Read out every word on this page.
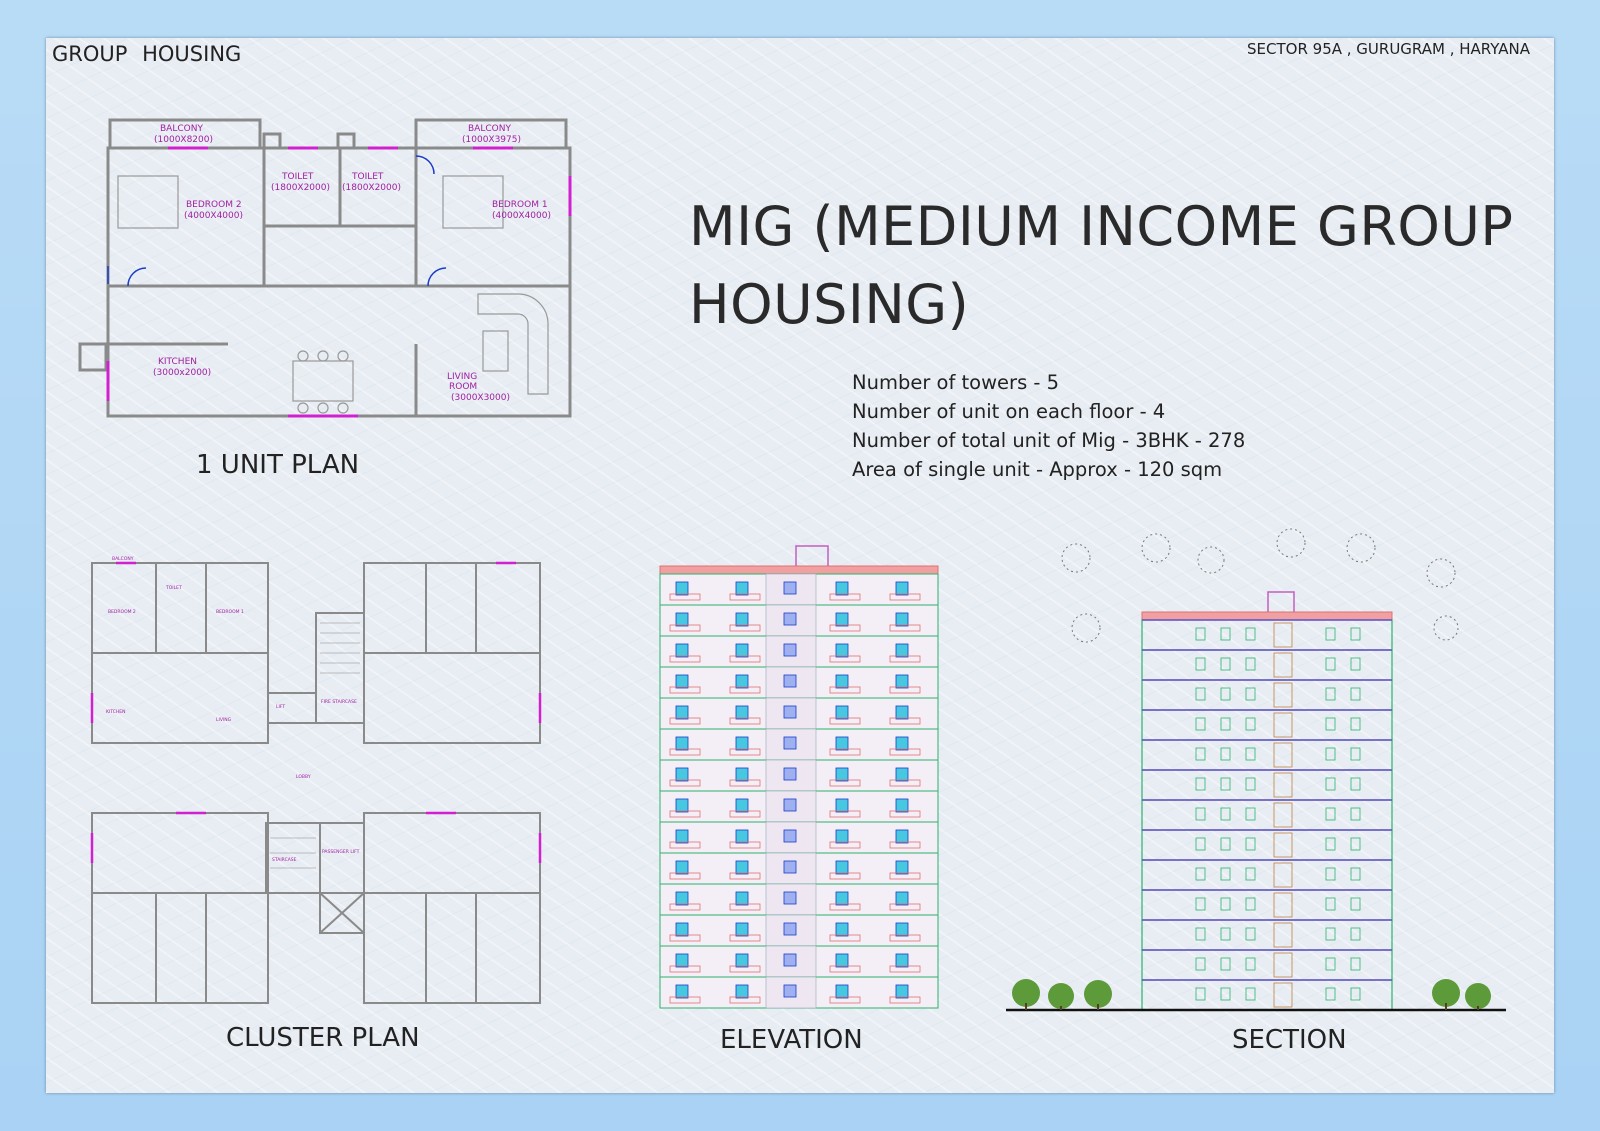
GROUP HOUSING	SECTOR 95A , GURUGRAM , HARYANA
MIG (MEDIUM INCOME GROUP HOUSING)
Number of towers - 5
Number of unit on each floor - 4
Number of total unit of Mig - 3BHK - 278
Area of single unit - Approx - 120 sqm
BALCONY
(1000X8200)
BALCONY
(1000X3975)
TOILET
(1800X2000)
TOILET
(1800X2000)
BEDROOM 2
(4000X4000)
BEDROOM 1
(4000X4000)
KITCHEN
(3000x2000)	LIVING
ROOM
(3000X3000)
1 UNIT PLAN
BALCONY
TOILET
BEDROOM 2	BEDROOM 1
KITCHEN
LIVING
FIRE STAIRCASE
LIFT
LOBBY
STAIRCASE
PASSENGER LIFT
CLUSTER PLAN	ELEVATION	SECTION
